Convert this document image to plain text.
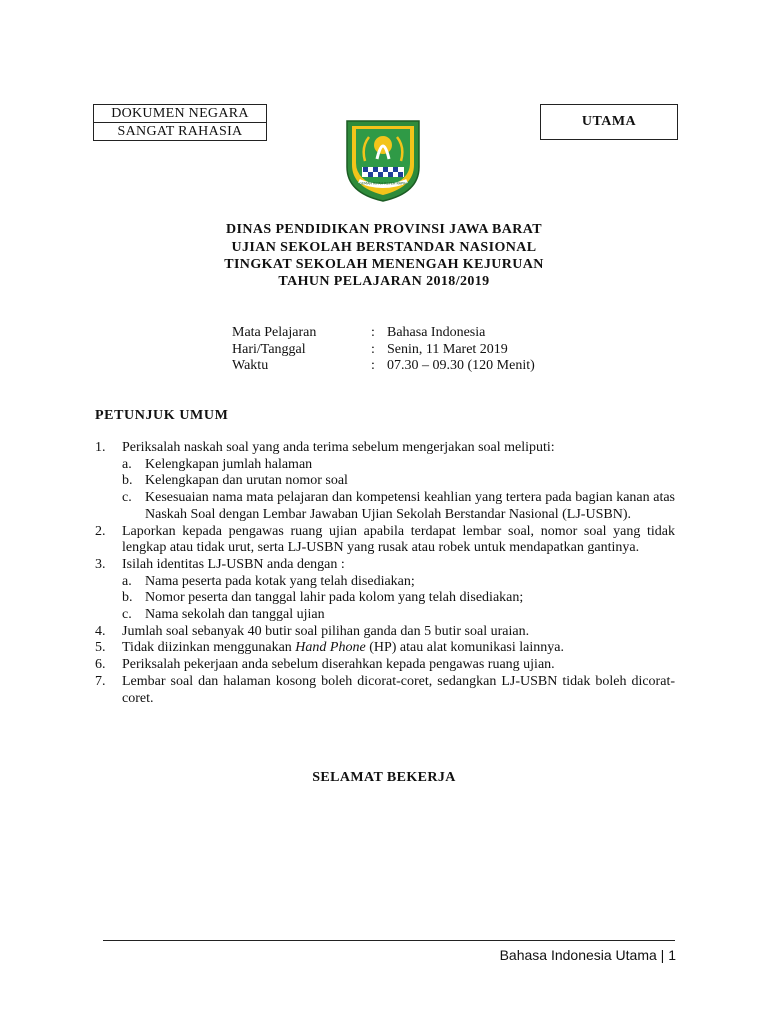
DOKUMEN NEGARA
SANGAT RAHASIA
UTAMA
GEMAH RIPAH REPEH RAPIH
DINAS PENDIDIKAN PROVINSI JAWA BARAT
UJIAN SEKOLAH BERSTANDAR NASIONAL
TINGKAT SEKOLAH MENENGAH KEJURUAN
TAHUN PELAJARAN 2018/2019
Mata Pelajaran	: Bahasa Indonesia
Hari/Tanggal	: Senin, 11 Maret 2019
Waktu	: 07.30 – 09.30 (120 Menit)
PETUNJUK UMUM
1. Periksalah naskah soal yang anda terima sebelum mengerjakan soal meliputi:
a. Kelengkapan jumlah halaman
b. Kelengkapan dan urutan nomor soal
c. Kesesuaian nama mata pelajaran dan kompetensi keahlian yang tertera pada bagian kanan atas Naskah Soal dengan Lembar Jawaban Ujian Sekolah Berstandar Nasional (LJ-USBN).
2. Laporkan kepada pengawas ruang ujian apabila terdapat lembar soal, nomor soal yang tidak lengkap atau tidak urut, serta LJ-USBN yang rusak atau robek untuk mendapatkan gantinya.
3. Isilah identitas LJ-USBN anda dengan :
a. Nama peserta pada kotak yang telah disediakan;
b. Nomor peserta dan tanggal lahir pada kolom yang telah disediakan;
c. Nama sekolah dan tanggal ujian
4. Jumlah soal sebanyak 40 butir soal pilihan ganda dan 5 butir soal uraian.
5. Tidak diizinkan menggunakan Hand Phone (HP) atau alat komunikasi lainnya.
6. Periksalah pekerjaan anda sebelum diserahkan kepada pengawas ruang ujian.
7. Lembar soal dan halaman kosong boleh dicorat-coret, sedangkan LJ-USBN tidak boleh dicorat-coret.
SELAMAT BEKERJA
Bahasa Indonesia Utama | 1
